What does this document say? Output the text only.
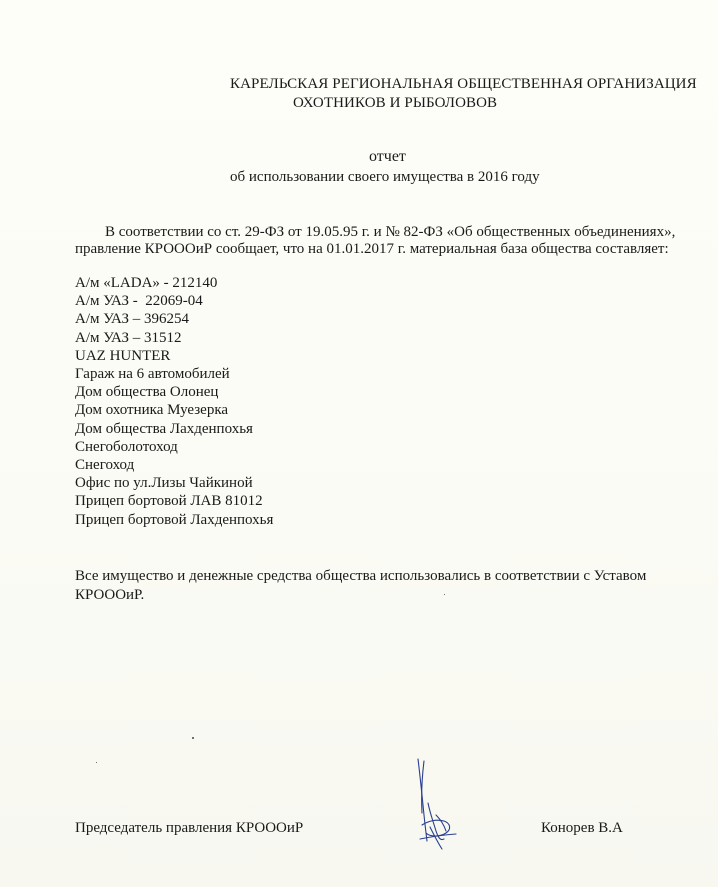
КАРЕЛЬСКАЯ РЕГИОНАЛЬНАЯ ОБЩЕСТВЕННАЯ ОРГАНИЗАЦИЯ
ОХОТНИКОВ И РЫБОЛОВОВ
отчет
об использовании своего имущества в 2016 году
В соответствии со ст. 29-ФЗ от 19.05.95 г. и № 82-ФЗ «Об общественных объединениях»,
правление КРОООиР сообщает, что на 01.01.2017 г. материальная база общества составляет:
А/м «LADA» - 212140
А/м УАЗ -  22069-04
А/м УАЗ – 396254
А/м УАЗ – 31512
UAZ HUNTER
Гараж на 6 автомобилей
Дом общества Олонец
Дом охотника Муезерка
Дом общества Лахденпохья
Снегоболотоход
Снегоход
Офис по ул.Лизы Чайкиной
Прицеп бортовой ЛАВ 81012
Прицеп бортовой Лахденпохья
Все имущество и денежные средства общества использовались в соответствии с Уставом КРОООиР.
Председатель правления КРОООиР	Конорев В.А
